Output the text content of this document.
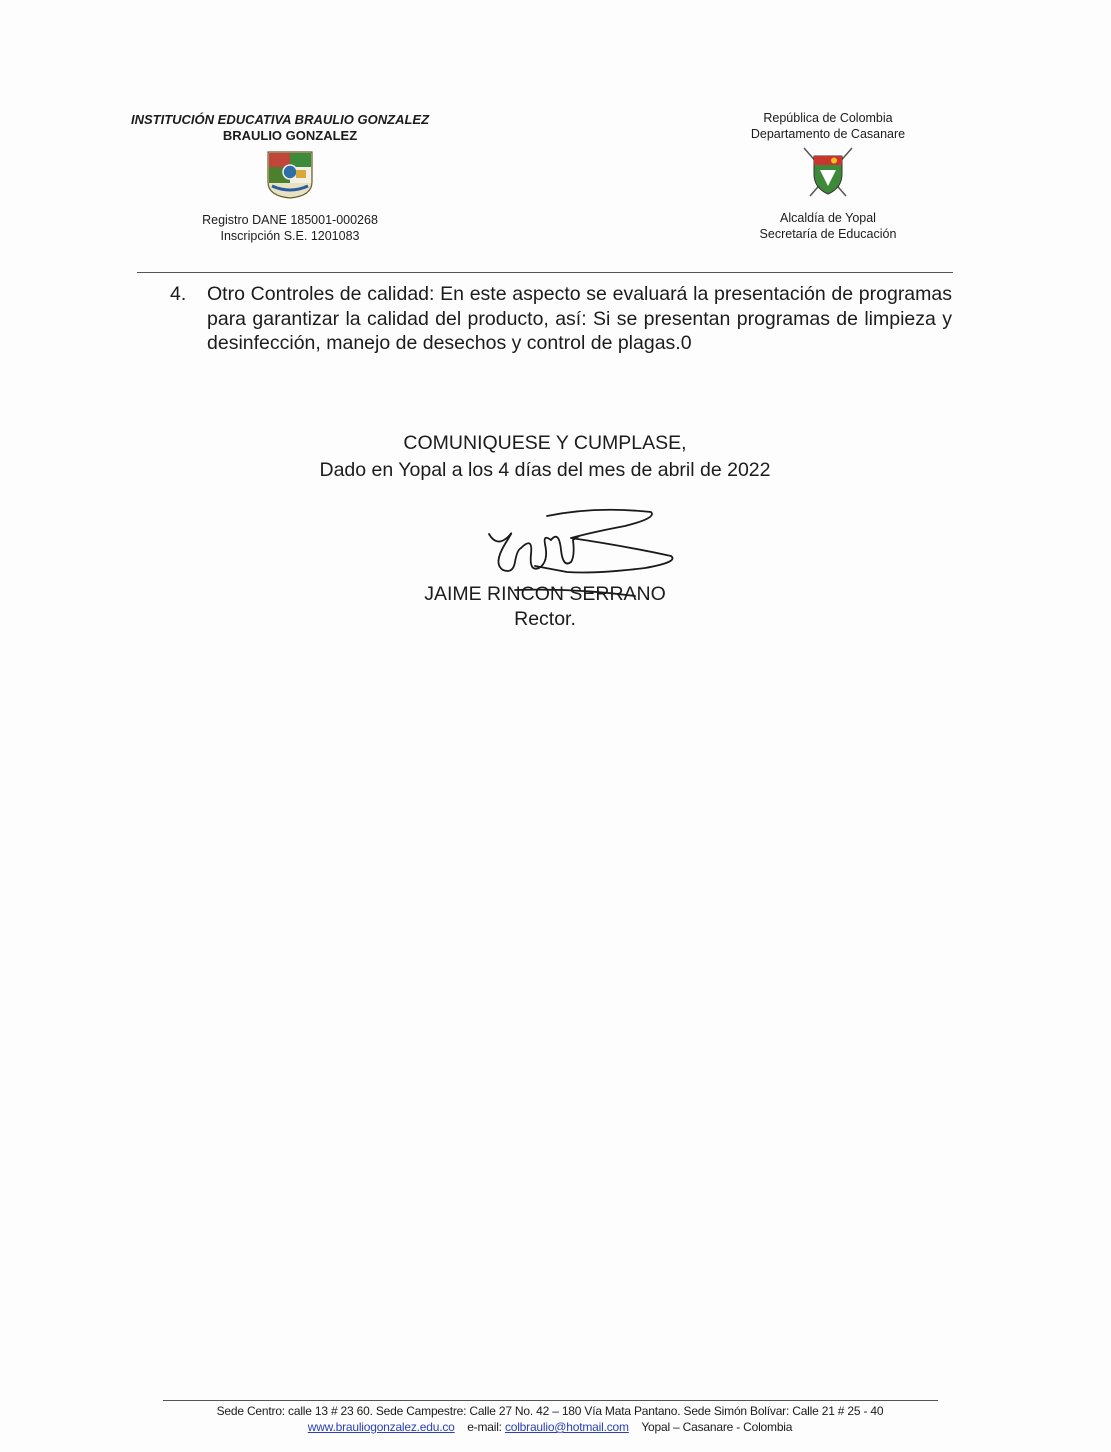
INSTITUCIÓN EDUCATIVA BRAULIO GONZALEZ
BRAULIO GONZALEZ
Registro DANE 185001-000268
Inscripción S.E. 1201083
República de Colombia
Departamento de Casanare
Alcaldía de Yopal
Secretaría de Educación
4.	Otro Controles de calidad: En este aspecto se evaluará la presentación de programas para garantizar la calidad del producto, así: Si se presentan programas de limpieza y desinfección, manejo de desechos y control de plagas.0
COMUNIQUESE Y CUMPLASE,
Dado en Yopal a los 4 días del mes de abril de 2022
JAIME RINCON SERRANO
Rector.
Sede Centro: calle 13 # 23 60. Sede Campestre: Calle 27 No. 42 – 180 Vía Mata Pantano. Sede Simón Bolívar: Calle 21 # 25 - 40
www.brauliogonzalez.edu.co e-mail: colbraulio@hotmail.com Yopal – Casanare - Colombia
